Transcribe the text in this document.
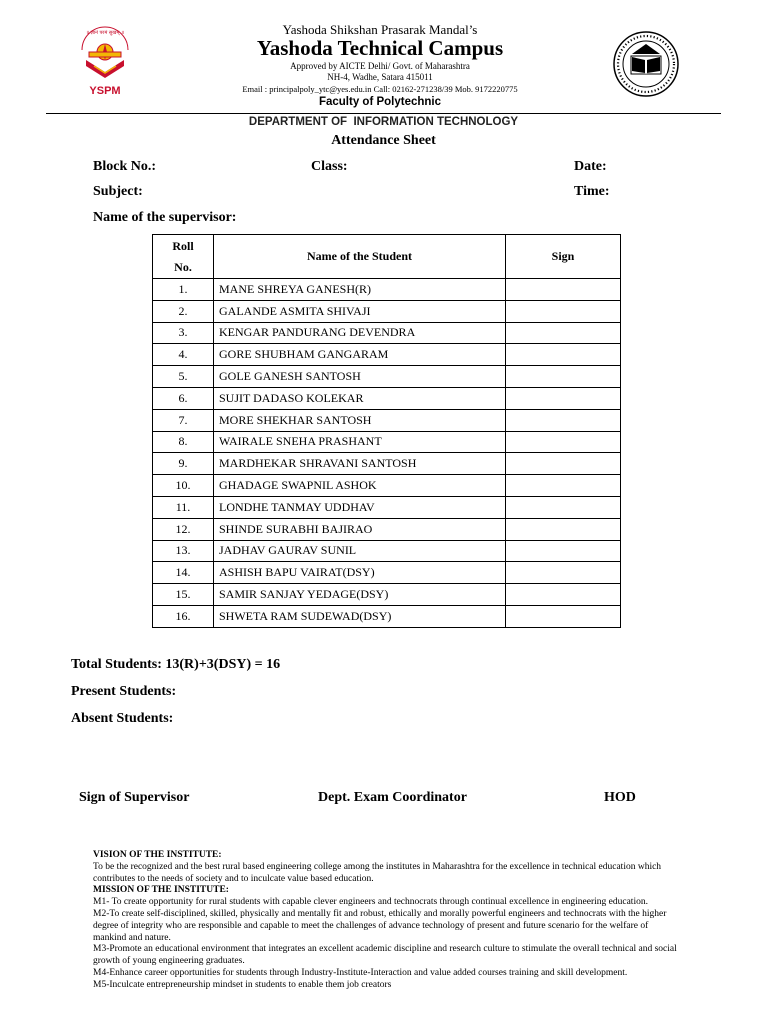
॥ ज्ञानं परमं सुखम् ॥
YSPM
Yashoda Shikshan Prasarak Mandal’s
Yashoda Technical Campus
Approved by AICTE Delhi/ Govt. of Maharashtra
NH-4, Wadhe, Satara 415011
Email : principalpoly_ytc@yes.edu.in Call: 02162-271238/39 Mob. 9172220775
Faculty of Polytechnic
DEPARTMENT OF  INFORMATION TECHNOLOGY
Attendance Sheet
Block No.:	Class:	Date:
Subject:	Time:
Name of the supervisor:
Roll
No.	Name of the Student	Sign
1.	MANE SHREYA GANESH(R)	
2.	GALANDE ASMITA SHIVAJI	
3.	KENGAR PANDURANG DEVENDRA	
4.	GORE SHUBHAM GANGARAM	
5.	GOLE GANESH SANTOSH	
6.	SUJIT DADASO KOLEKAR	
7.	MORE SHEKHAR SANTOSH	
8.	WAIRALE SNEHA PRASHANT	
9.	MARDHEKAR SHRAVANI SANTOSH	
10.	GHADAGE SWAPNIL ASHOK	
11.	LONDHE TANMAY UDDHAV	
12.	SHINDE SURABHI BAJIRAO	
13.	JADHAV GAURAV SUNIL	
14.	ASHISH BAPU VAIRAT(DSY)	
15.	SAMIR SANJAY YEDAGE(DSY)	
16.	SHWETA RAM SUDEWAD(DSY)	
Total Students: 13(R)+3(DSY) = 16
Present Students:
Absent Students:
Sign of Supervisor	Dept. Exam Coordinator	HOD

VISION OF THE INSTITUTE:

To be the recognized and the best rural based engineering college among the institutes in Maharashtra for the excellence in technical education which contributes to the needs of society and to inculcate value based education.

MISSION OF THE INSTITUTE:

M1- To create opportunity for rural students with capable clever engineers and technocrats through continual excellence in engineering education.

M2-To create self-disciplined, skilled, physically and mentally fit and robust, ethically and morally powerful engineers and technocrats with the higher degree of integrity who are responsible and capable to meet the challenges of advance technology of present and future scenario for the welfare of mankind and nature.

M3-Promote an educational environment that integrates an excellent academic discipline and research culture to stimulate the overall technical and social growth of young engineering graduates.

M4-Enhance career opportunities for students through Industry-Institute-Interaction and value added courses training and skill development.

M5-Inculcate entrepreneurship mindset in students to enable them job creators
